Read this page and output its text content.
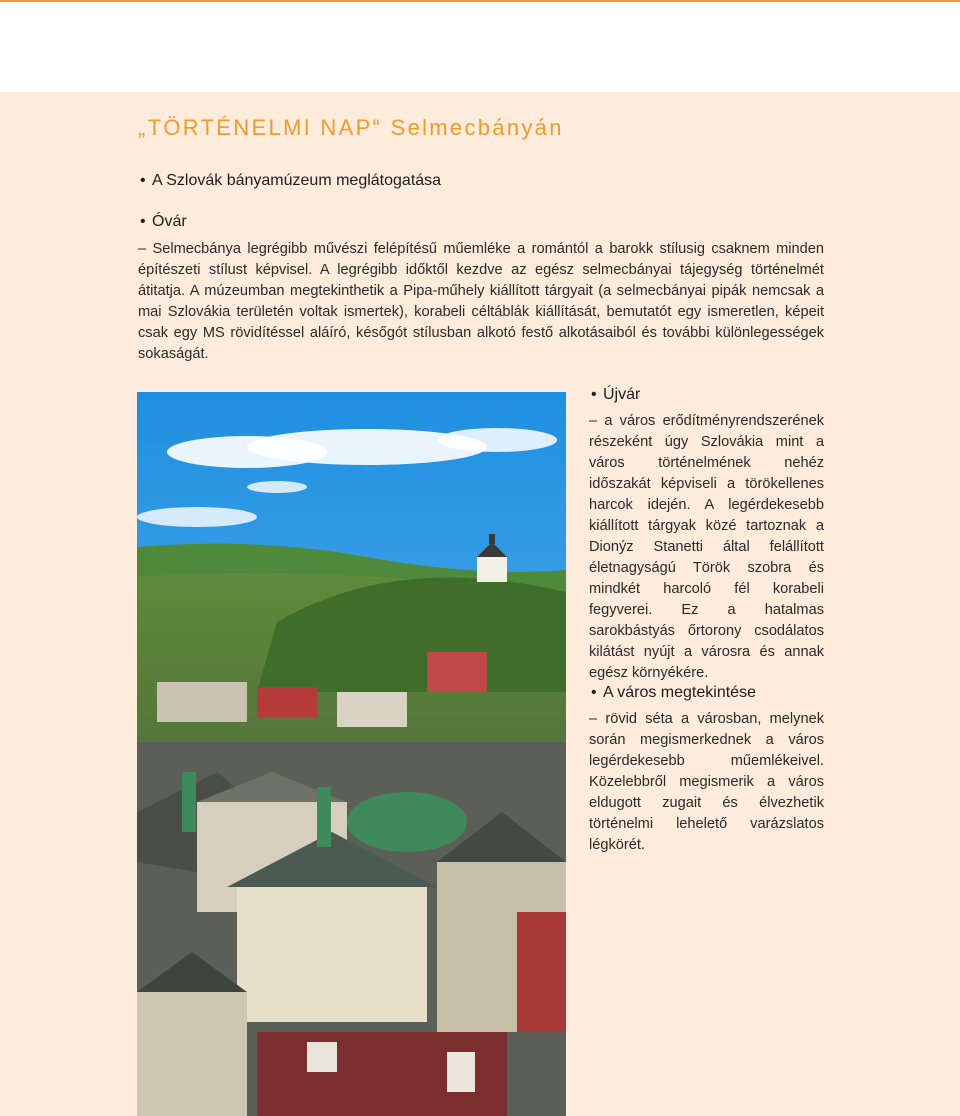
„TÖRTÉNELMI NAP“ Selmecbányán
• A Szlovák bányamúzeum meglátogatása
• Óvár
– Selmecbánya legrégibb művészi felépítésű műemléke a romántól a barokk stílusig csaknem minden építészeti stílust képvisel. A legrégibb időktől kezdve az egész selmecbányai tájegység történelmét átitatja. A múzeumban megtekinthetik a Pipa-műhely kiállított tárgyait (a selmecbányai pipák nemcsak a mai Szlovákia területén voltak ismertek), korabeli céltáblák kiállítását, bemutatót egy ismeretlen, képeit csak egy MS rövidítéssel aláíró, későgót stílusban alkotó festő alkotásaiból és további különlegességek sokaságát.
• Újvár
– a város erődítményrendszerének részeként úgy Szlovákia mint a város történelmének nehéz időszakát képviseli a törökellenes harcok idején. A legérdekesebb kiállított tárgyak közé tartoznak a Dionýz Stanetti által felállított életnagyságú Török szobra és mindkét harcoló fél korabeli fegyverei. Ez a hatalmas sarokbástyás őrtorony csodálatos kilátást nyújt a városra és annak egész környékére.
• A város megtekintése
– rövid séta a városban, melynek során megismerkednek a város legérdekesebb műemlékeivel. Közelebbről megismerik a város eldugott zugait és élvezhetik történelmi lehelető varázslatos légkörét.
